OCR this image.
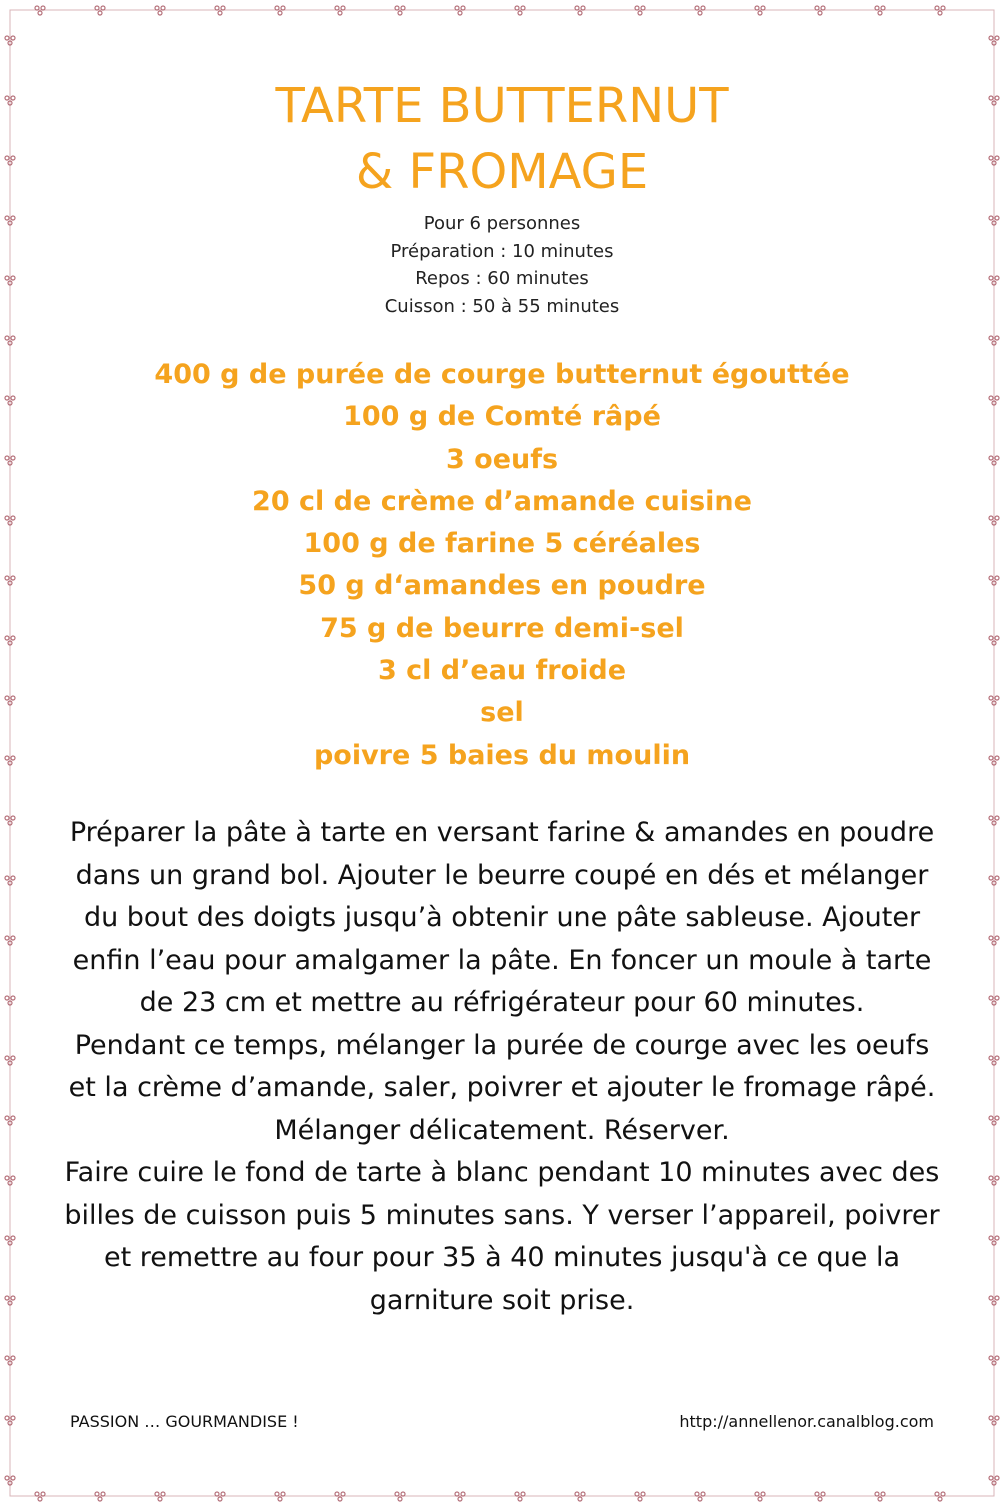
TARTE BUTTERNUT
& FROMAGE
Pour 6 personnes
Préparation : 10 minutes
Repos : 60 minutes
Cuisson : 50 à 55 minutes
400 g de purée de courge butternut égouttée
100 g de Comté râpé
3 oeufs
20 cl de crème d’amande cuisine
100 g de farine 5 céréales
50 g d‘amandes en poudre
75 g de beurre demi-sel
3 cl d’eau froide
sel
poivre 5 baies du moulin
Préparer la pâte à tarte en versant farine & amandes en poudre dans un grand bol. Ajouter le beurre coupé en dés et mélanger du bout des doigts jusqu’à obtenir une pâte sableuse. Ajouter enfin l’eau pour amalgamer la pâte. En foncer un moule à tarte de 23 cm et mettre au réfrigérateur pour 60 minutes.
Pendant ce temps, mélanger la purée de courge avec les oeufs et la crème d’amande, saler, poivrer et ajouter le fromage râpé. Mélanger délicatement. Réserver.
Faire cuire le fond de tarte à blanc pendant 10 minutes avec des billes de cuisson puis 5 minutes sans. Y verser l’appareil, poivrer et remettre au four pour 35 à 40 minutes jusqu'à ce que la garniture soit prise.
PASSION … GOURMANDISE !	http://annellenor.canalblog.com
